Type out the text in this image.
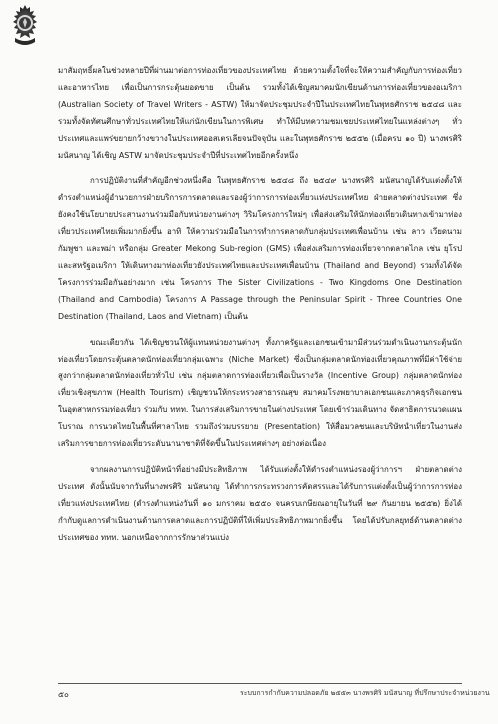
มาสัมฤทธิ์ผลในช่วงหลายปีที่ผ่านมาต่อการท่องเที่ยวของประเทศไทย ด้วยความตั้งใจที่จะให้ความสำคัญกับการท่องเที่ยวและอาหารไทย เพื่อเป็นการกระตุ้นยอดขาย เป็นต้น รวมทั้งได้เชิญสมาคมนักเขียนด้านการท่องเที่ยวของอเมริกา (Australian Society of Travel Writers - ASTW) ให้มาจัดประชุมประจำปีในประเทศไทยในพุทธศักราช ๒๕๔๘ และรวมทั้งจัดทัศนศึกษาทั่วประเทศไทยให้แก่นักเขียนในการพิเศษ ทำให้มีบทความชมเชยประเทศไทยในแหล่งต่างๆ ทั่วประเทศและแพร่ขยายกว้างขวางในประเทศออสเตรเลียจนปัจจุบัน และในพุทธศักราช ๒๕๕๒ (เมื่อครบ ๑๐ ปี) นางพรศิริ มนัสนาญ ได้เชิญ ASTW มาจัดประชุมประจำปีที่ประเทศไทยอีกครั้งหนึ่ง

การปฏิบัติงานที่สำคัญอีกช่วงหนึ่งคือ ในพุทธศักราช ๒๕๔๘ ถึง ๒๕๔๙ นางพรศิริ มนัสนาญได้รับแต่งตั้งให้ดำรงตำแหน่งผู้อำนวยการฝ่ายบริการการตลาดและรองผู้ว่าการการท่องเที่ยวแห่งประเทศไทย ฝ่ายตลาดต่างประเทศ ซึ่งยังคงใช้นโยบายประสานงานร่วมมือกับหน่วยงานต่างๆ วิริมโครงการใหม่ๆ เพื่อส่งเสริมให้นักท่องเที่ยวเดินทางเข้ามาท่องเที่ยวประเทศไทยเพิ่มมากยิ่งขึ้น อาทิ ให้ความร่วมมือในการทำการตลาดกับกลุ่มประเทศเพื่อนบ้าน เช่น ลาว เวียดนาม กัมพูชา และพม่า หรือกลุ่ม Greater Mekong Sub-region (GMS) เพื่อส่งเสริมการท่องเที่ยวจากตลาดไกล เช่น ยุโรปและสหรัฐอเมริกา ให้เดินทางมาท่องเที่ยวยังประเทศไทยและประเทศเพื่อนบ้าน (Thailand and Beyond) รวมทั้งได้จัดโครงการร่วมมือกันอย่างมาก เช่น โครงการ The Sister Civilizations - Two Kingdoms One Destination (Thailand and Cambodia) โครงการ A Passage through the Peninsular Spirit - Three Countries One Destination (Thailand, Laos and Vietnam) เป็นต้น

ขณะเดียวกัน ได้เชิญชวนให้ผู้แทนหน่วยงานต่างๆ ทั้งภาครัฐและเอกชนเข้ามามีส่วนร่วมดำเนินงานกระตุ้นนักท่องเที่ยวโดยกระตุ้นตลาดนักท่องเที่ยวกลุ่มเฉพาะ (Niche Market) ซึ่งเป็นกลุ่มตลาดนักท่องเที่ยวคุณภาพที่มีค่าใช้จ่ายสูงกว่ากลุ่มตลาดนักท่องเที่ยวทั่วไป เช่น กลุ่มตลาดการท่องเที่ยวเพื่อเป็นรางวัล (Incentive Group) กลุ่มตลาดนักท่องเที่ยวเชิงสุขภาพ (Health Tourism) เชิญชวนให้กระทรวงสาธารณสุข สมาคมโรงพยาบาลเอกชนและภาคธุรกิจเอกชนในอุตสาหกรรมท่องเที่ยว ร่วมกับ ททท. ในการส่งเสริมการขายในต่างประเทศ โดยเข้าร่วมเดินทาง จัดสาธิตการนวดแผนโบราณ การนวดไทยในพื้นที่ศาลาไทย รวมถึงร่วมบรรยาย (Presentation) ให้สื่อมวลชนและบริษัทนำเที่ยวในงานส่งเสริมการขายการท่องเที่ยวระดับนานาชาติที่จัดขึ้นในประเทศต่างๆ อย่างต่อเนื่อง

จากผลงานการปฏิบัติหน้าที่อย่างมีประสิทธิภาพ ได้รับแต่งตั้งให้ดำรงตำแหน่งรองผู้ว่าการฯ ฝ่ายตลาดต่างประเทศ ดังนั้นนับจากวันที่นางพรศิริ มนัสนาญ ได้ทำการกระทรวงการคัดสรรและได้รับการแต่งตั้งเป็นผู้ว่าการการท่องเที่ยวแห่งประเทศไทย (ดำรงตำแหน่งวันที่ ๑๐ มกราคม ๒๕๕๐ จนครบเกษียณอายุในวันที่ ๒๙ กันยายน ๒๕๕๒) ยิ่งได้กำกับดูแลการดำเนินงานด้านการตลาดและการปฏิบัติที่ให้เพิ่มประสิทธิภาพมากยิ่งขึ้น โดยได้ปรับกลยุทธ์ด้านตลาดต่างประเทศของ ททท. นอกเหนือจากการรักษาส่วนแบ่ง

๕๐	ระบบการกำกับความปลอดภัย ๒๕๕๓ นางพรศิริ มนัสนาญ ที่ปรึกษาประจำหน่วยงาน
